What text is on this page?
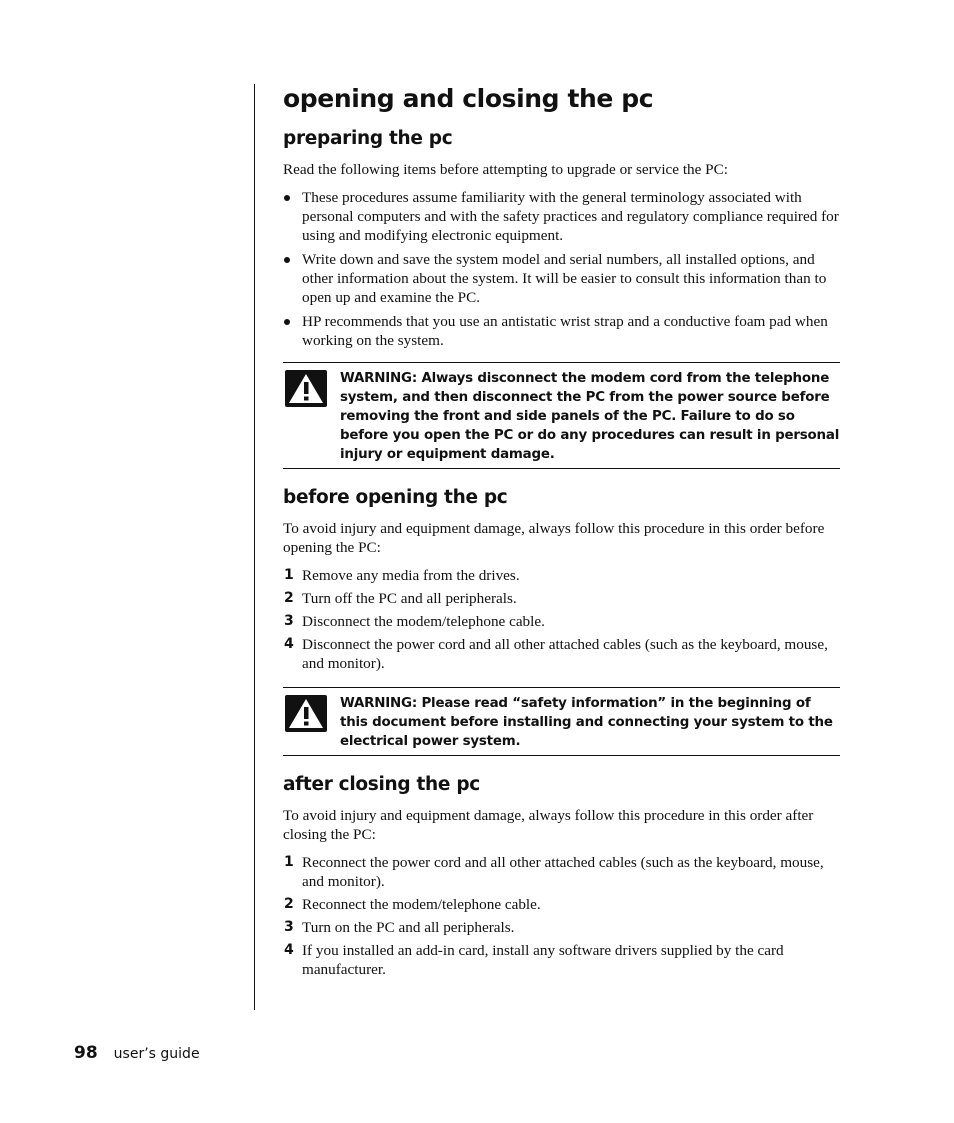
opening and closing the pc
preparing the pc

Read the following items before attempting to upgrade or service the PC:

These procedures assume familiarity with the general terminology associated with personal computers and with the safety practices and regulatory compliance required for using and modifying electronic equipment.
Write down and save the system model and serial numbers, all installed options, and other information about the system. It will be easier to consult this information than to open up and examine the PC.
HP recommends that you use an antistatic wrist strap and a conductive foam pad when working on the system.
WARNING: Always disconnect the modem cord from the telephone system, and then disconnect the PC from the power source before removing the front and side panels of the PC. Failure to do so before you open the PC or do any procedures can result in personal injury or equipment damage.
before opening the pc

To avoid injury and equipment damage, always follow this procedure in this order before opening the PC:

1 Remove any media from the drives.
2 Turn off the PC and all peripherals.
3 Disconnect the modem/telephone cable.
4 Disconnect the power cord and all other attached cables (such as the keyboard, mouse, and monitor).
WARNING: Please read “safety information” in the beginning of this document before installing and connecting your system to the electrical power system.
after closing the pc

To avoid injury and equipment damage, always follow this procedure in this order after closing the PC:

1 Reconnect the power cord and all other attached cables (such as the keyboard, mouse, and monitor).
2 Reconnect the modem/telephone cable.
3 Turn on the PC and all peripherals.
4 If you installed an add-in card, install any software drivers supplied by the card manufacturer.
98 user’s guide
